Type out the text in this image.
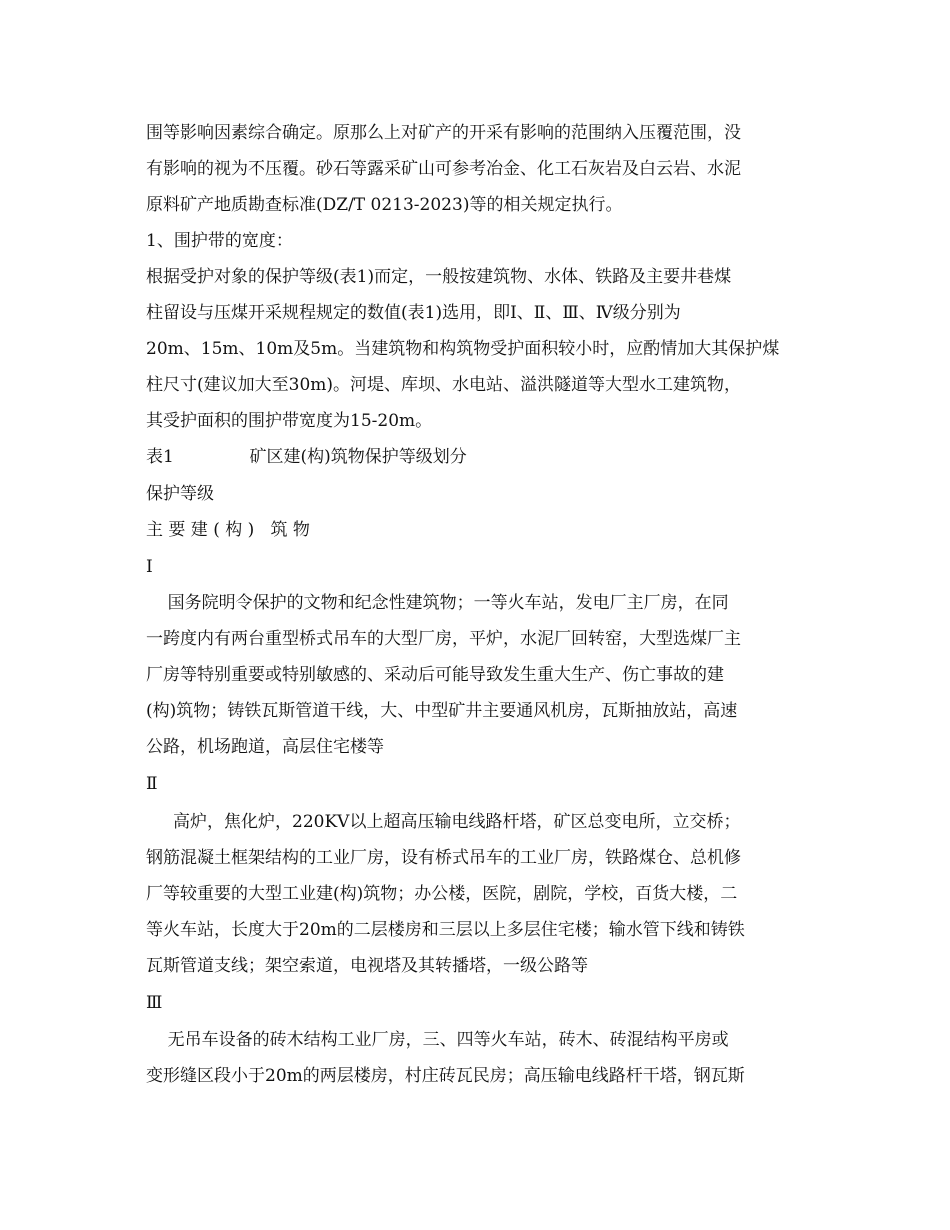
围等影响因素综合确定。原那么上对矿产的开采有影响的范围纳入压覆范围，没
有影响的视为不压覆。砂石等露采矿山可参考冶金、化工石灰岩及白云岩、水泥
原料矿产地质勘查标准(DZ/T 0213-2023)等的相关规定执行。
1、围护带的宽度：
根据受护对象的保护等级(表1)而定，一般按建筑物、水体、铁路及主要井巷煤
柱留设与压煤开采规程规定的数值(表1)选用，即Ⅰ、Ⅱ、Ⅲ、Ⅳ级分别为
20m、15m、10m及5m。当建筑物和构筑物受护面积较小时，应酌情加大其保护煤
柱尺寸(建议加大至30m)。河堤、库坝、水电站、溢洪隧道等大型水工建筑物，
其受护面积的围护带宽度为15-20m。
表1              矿区建(构)筑物保护等级划分
保护等级
主 要 建 ( 构 )   筑 物
Ⅰ
国务院明令保护的文物和纪念性建筑物；一等火车站，发电厂主厂房，在同
一跨度内有两台重型桥式吊车的大型厂房，平炉，水泥厂回转窑，大型选煤厂主
厂房等特别重要或特别敏感的、采动后可能导致发生重大生产、伤亡事故的建
(构)筑物；铸铁瓦斯管道干线，大、中型矿井主要通风机房，瓦斯抽放站，高速
公路，机场跑道，高层住宅楼等
Ⅱ
高炉，焦化炉，220KV以上超高压输电线路杆塔，矿区总变电所，立交桥；
钢筋混凝土框架结构的工业厂房，设有桥式吊车的工业厂房，铁路煤仓、总机修
厂等较重要的大型工业建(构)筑物；办公楼，医院，剧院，学校，百货大楼，二
等火车站，长度大于20m的二层楼房和三层以上多层住宅楼；输水管下线和铸铁
瓦斯管道支线；架空索道，电视塔及其转播塔，一级公路等
Ⅲ
无吊车设备的砖木结构工业厂房，三、四等火车站，砖木、砖混结构平房或
变形缝区段小于20m的两层楼房，村庄砖瓦民房；高压输电线路杆干塔，钢瓦斯
